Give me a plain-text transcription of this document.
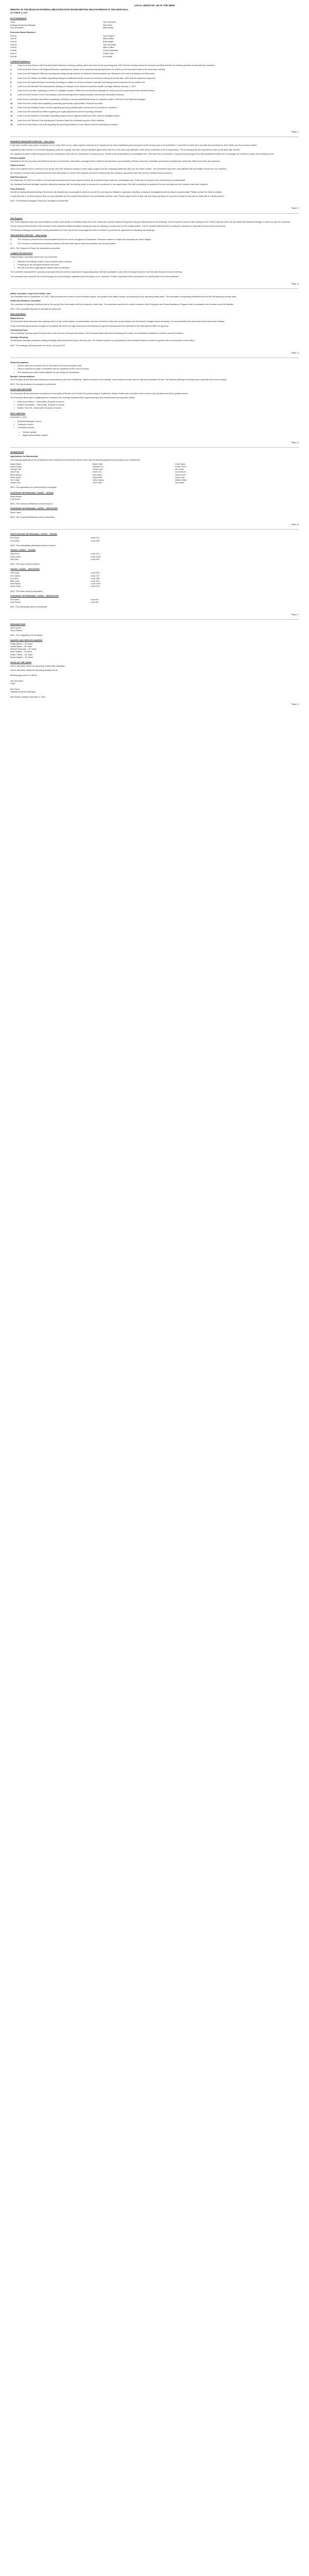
LOCAL UNION NO. 48 OF THE IBEW
MINUTES OF THE REGULAR EXTERNAL (REX) EXECUTIVE BOARD MEETING HELD IN-PERSON AT THE UNION HALL
OCTOBER 5, 2021
IN ATTENDANCE
Chair	Jim Greenwell
Assistant Business Manager	Rob Stone
Vice-President	Mike Meikle
Executive Board Members:
Unit #1	Dave Rogers
Unit #2	Mike Walker
Unit #3	Brian Wight
Unit #4	Tom McCarthy
Unit #5	Mark Collins
Unit #6	Frank Drinkwater
Unit #7	Shawn Tyler
Unit #8	Eric Noble
CORRESPONDENCE
1.	Letter from Rob Stone to the Executive Board Members outlining meeting dates and times for the upcoming year. MSC that the correspondence be received and filed and that the meeting calendar be accepted as presented.
2.	Letter from Rob Stone to the Regional Director requesting the release of the quarterly financial statements for review by the Executive Board at the November meeting.
3.	Letter from the Regional Office announcing upcoming training sessions for Business Representatives and Stewards to be held in Kamloops and Vancouver.
4.	Letter from the Safety Committee requesting funding for additional first aid courses for members working at remote sites. MSC that the request be approved.
5.	Letter from the Apprenticeship Coordinator providing an update on current enrolment, wait lists and training blocks scheduled for the winter term.
6.	Letter from the Benefits Plan Administrator advising of changes to the dental and extended health coverage effective January 1, 2022.
7.	Letter from a member requesting a review of a dispatch decision. Referred to the Business Manager for follow up and a report back to the Executive Board.
8.	Letter from the Pension Trust Fund advising of the annual statement mailing schedule and member information sessions.
9.	Letter from a contractor association requesting a meeting to discuss jurisdictional issues on a pipeline project. Referred to the Business Manager.
10. Letter from the Credit Union regarding community sponsorship opportunities. Received and filed.
11. Letter from the Building Trades Council regarding upcoming political action events and the request for volunteers.
12. Letter from the International Office regarding per capita adjustments and the reporting schedule.
13. Letter from the Women's Committee requesting support for the regional conference. MSC that two delegates attend.
14. Letter from the Retirees Club thanking the Executive Board for continued support of their activities.
15. Letter from Rob Stone to all units regarding the upcoming elections for unit officers and the nomination procedure.
Page | 1
BUSINESS MANAGER'S REPORT – Rob Stone
It has been another busy couple of months for our Local. Work on our major projects continues to be steady and we have maintained good manpower levels across most of our jurisdiction. I would like to thank all of our staff and volunteers for their efforts over the summer months.
Negotiations with several of our smaller bargaining units are ongoing. We have reached tentative agreements with two of the units and ratification votes will be scheduled in the coming weeks. The remaining units are expected to return to the table later this fall.
Our dispatch numbers remain strong and we are continuing to work with our contractors to ensure that our members are being utilized on all available work. We have seen an increase in requests for journeypersons with specialized tickets and I encourage our members to keep their training current.
Election Update
Nominations for the upcoming unit elections will open in November. Information packages will be mailed to all members in good standing. Please review the nomination procedures carefully and contact the office if you have any questions.
Pipeline Sector
Work in the pipeline sector continues to be strong. We have members working on three major projects and are expecting additional calls over the winter months. The contractors have been very satisfied with the quality of work from our members.
We continue to monitor the jurisdictional issues that have arisen on some of the projects and will be meeting with the contractor association later this month to address these concerns.
Staff Recruitment
On September 20, 2021 we hosted our annual golf tournament and it was a great success. All proceeds will go toward our scholarship fund. Thank you to everyone who volunteered and participated.
Our Assistant Business Manager has been attending meetings with the training center to discuss the recruitment of new apprentices. We will be providing an update at the next meeting once the numbers have been finalized.
Shop Stewards
We will be holding steward training in November. All stewards are encouraged to attend as we will be covering new material on grievance handling, workplace investigations and the duty to accommodate. Please contact the office to register.
I would also like to remind everyone that our shop stewards are an important link between the membership and the Local. Please support them in their role and bring any issues or concerns forward so they can be dealt with in a timely manner.
MSC: The Business Manager's Report be accepted as presented.
Page | 2
Unit Reports
The Chair requested each unit representative provide a brief update on activities within their units. Most units reported steady employment and good attendance at unit meetings. Unit #3 reported concerns with parking at one of their major job sites and has asked the Business Manager to follow up with the contractor.
Unit #5 reported that several of their members have completed additional safety training and they are planning a social event for the holiday season. Unit #7 reported that they will be looking for volunteers to help with the food drive in December.
The Business Manager thanked the unit representatives for their reports and encouraged all units to continue to promote the importance of attending unit meetings.
TREASURER'S REPORT – Mike Meikle
1.	The Treasurer presented the financial statements for the month of August and September. Revenue remains on target and expenses are within budget.
2.	The Treasurer reviewed the investment portfolio and noted that returns have been positive over the last quarter.
MSC: The Treasurer's Report be accepted as presented.
COMMITTEE REPORTS
Political Action Committee report from Jim Greenwell
• Attended the Building Trades Council political action meeting.
• Preparing for the municipal elections next year.
• Met with local MLA regarding the skilled trades certification.
The committee discussed the upcoming municipal elections and the importance of supporting labour-friendly candidates. A plan will be brought forward to the Executive Board at a future meeting.
The committee also reviewed the recent changes to provincial labour legislation and the impact on our members. Further information will be provided to the membership in the next newsletter.
Page | 3
Safety Committee report from Shawn Tyler
The committee met on September 15, 2021. Topics included the review of recent incident reports, the update of the safety manual, and planning for the upcoming safety week. The committee is requesting additional funds for first aid training at remote sites.
Health and Wellness Committee
The committee is planning a wellness fair for the spring. More information will be provided at a later date. The committee would like to remind members of the Employee and Family Assistance Program which is available to all members and their families.
MSC: The Committee Reports be accepted as presented.
NEW BUSINESS
Bylaw Review
The Executive Board discussed the ongoing review of the Local's bylaws. A subcommittee has been formed to review the current bylaws and recommend changes where necessary. The subcommittee will report back at the December meeting.
It was noted that any proposed changes to the bylaws will need to be approved by the membership at a general meeting and then submitted to the International Office for approval.
Scholarship Fund
The scholarship fund has grown this year due to the success of the golf tournament. The Executive Board discussed increasing the number of scholarships available to members and their children.
Strategic Planning
The Business Manager proposed holding a strategic planning session early in the new year. The session would be an opportunity for the Executive Board to review the goals of the Local and plan for the future.
MSC: The strategic planning session be held in January 2022.
Page | 4
Office Renovations
• Quotes have been received for the renovation of the front reception area.
• Work is expected to begin in November and be completed by the end of the year.
• The meeting room will remain available for use during the renovations.
Member Communications
The Executive Board discussed improving communications with the membership. Options included a new website, social media accounts, and an improved newsletter format. The Business Manager will bring back a proposal at the next meeting.
MSC: The new business be accepted as presented.
GOOD AND WELFARE
The Executive Board expressed condolences to the family of Brother John Smith who passed away in September. Brother Smith was a member of the Local for over 40 years and will be greatly missed.
The Executive Board also congratulated the members who recently completed their apprenticeships and received their journeyperson tickets.
• Sister Anne Wilson – retired after 30 years of service
• Brother Paul Martin – retired after 35 years of service
• Brother Tom Hill – retired after 28 years of service
NEXT MEETING
November 2, 2021
• Business Manager's report
• Treasurer's report
• Committee reports
• Election update
• Bylaw subcommittee update
Page | 5
MEMBERSHIP
Applications for Membership
The following applications for membership were reviewed by the Executive Board. MSC that the following applicants be accepted into membership.
Adam Baker	Brian Clark	Chris Davis
David Evans	Edward Fox	Frank Green
George Hall	Henry Irwin	Ian Jones
Jack King	Kevin Lee	Larry Moore
Mark Nelson	Neil Owen	Oscar Price
Peter Quinn	Ryan Reid	Sam Scott
Tim Turner	Victor Vance	Walter White
Xavier York	Yves Zane	Zach Allen
MSC: The applications for membership be accepted.
HONORARY WITHDRAWAL CARDS – ISSUED
Brian Adams
Carl Brown
MSC: The honorary withdrawal cards be issued.
HONORARY WITHDRAWAL CARDS – DEPOSITED
Dave Carter
MSC: The honorary withdrawal card be deposited.
Page | 6
PARTICIPATING WITHDRAWAL CARDS – ISSUED
Eric Dunn	Local 213
Fred Elliot	Local 258
MSC: The participating withdrawal cards be issued.
TRAVEL CARDS – ISSUED
Gary Ford	Local 424
Harry Grant	Local 1003
Ivan Hart	Local 993
MSC: The travel cards be issued.
TRAVEL CARDS – DEPOSITED
Jeff Irving	Local 230
Ken James	Local 213
Lou Kent	Local 258
Matt Long	Local 424
Nick Mason	Local 1003
Owen Nash	Local 993
MSC: The travel cards be deposited.
HONORARY WITHDRAWAL CARDS – REINSTATED
Phil Olsen	Local 48
Rick Parker	Local 48
MSC: The withdrawal cards be reinstated.
Page | 7
RESIGNATIONS
Steve Quinn
Terry Roberts
MSC: The resignations be accepted.
BADGES AND SERVICE AWARDS
Phillip Nelson – 40 Years
Gerald Baker – 35 Years
Michael Reynolds – 30 Years
Brent Walker – 25 Years
Robert Fisher – 25 Years
David Hughes – 20 Years
GOOD OF THE UNION
Held a discussion about the upcoming United Way Campaign.
Held a discussion about the upcoming holiday events.
Meeting adjourned at 1:55PM
Jim Greenwell
Chair
Rob Stone
Assistant Business Manager
Next Board meeting: November 2, 2021
Page | 8
